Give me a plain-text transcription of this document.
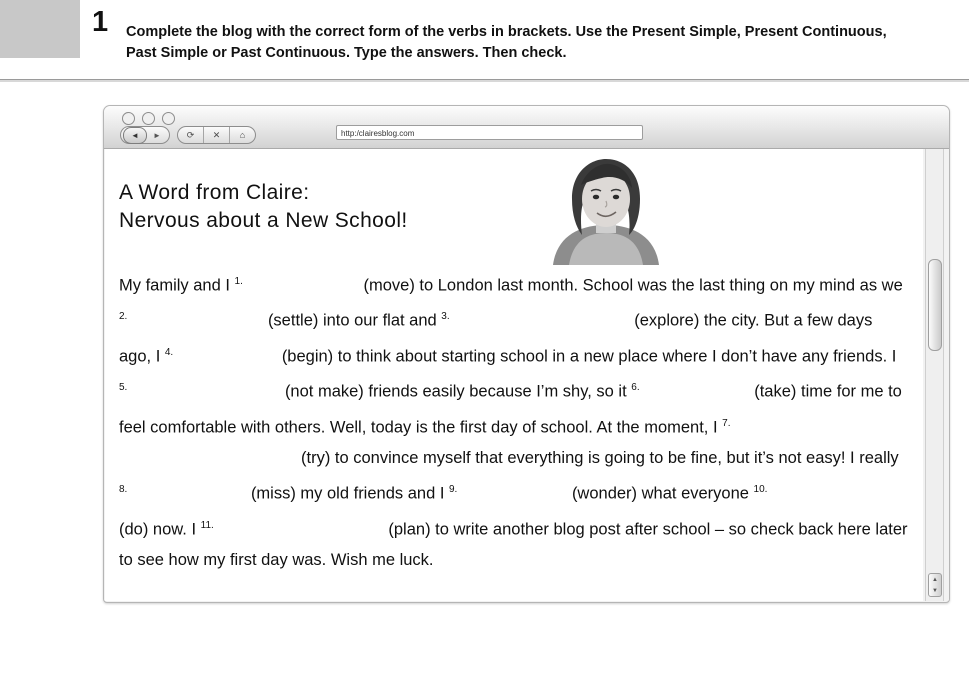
1 Complete the blog with the correct form of the verbs in brackets. Use the Present Simple, Present Continuous, Past Simple or Past Continuous. Type the answers. Then check.
◄	►	⟳	✕	⌂	http:/clairesblog.com
A Word from Claire:
Nervous about a New School!
My family and I $^{1.}$	(move) to London last month. School was the last thing on my mind as we $^{2.}$	(settle) into our flat and $^{3.}$	(explore) the city. But a few days ago, I $^{4.}$	(begin) to think about starting school in a new place where I don’t have any friends. I $^{5.}$	(not make) friends easily because I’m shy, so it $^{6.}$	(take) time for me to feel comfortable with others. Well, today is the first day of school. At the moment, I $^{7.}$  (try) to convince myself that everything is going to be fine, but it’s not easy! I really $^{8.}$	(miss) my old friends and I $^{9.}$	(wonder) what everyone $^{10.}$  (do) now. I $^{11.}$	(plan) to write another blog post after school – so check back here later to see how my first day was. Wish me luck.
▲
▼
